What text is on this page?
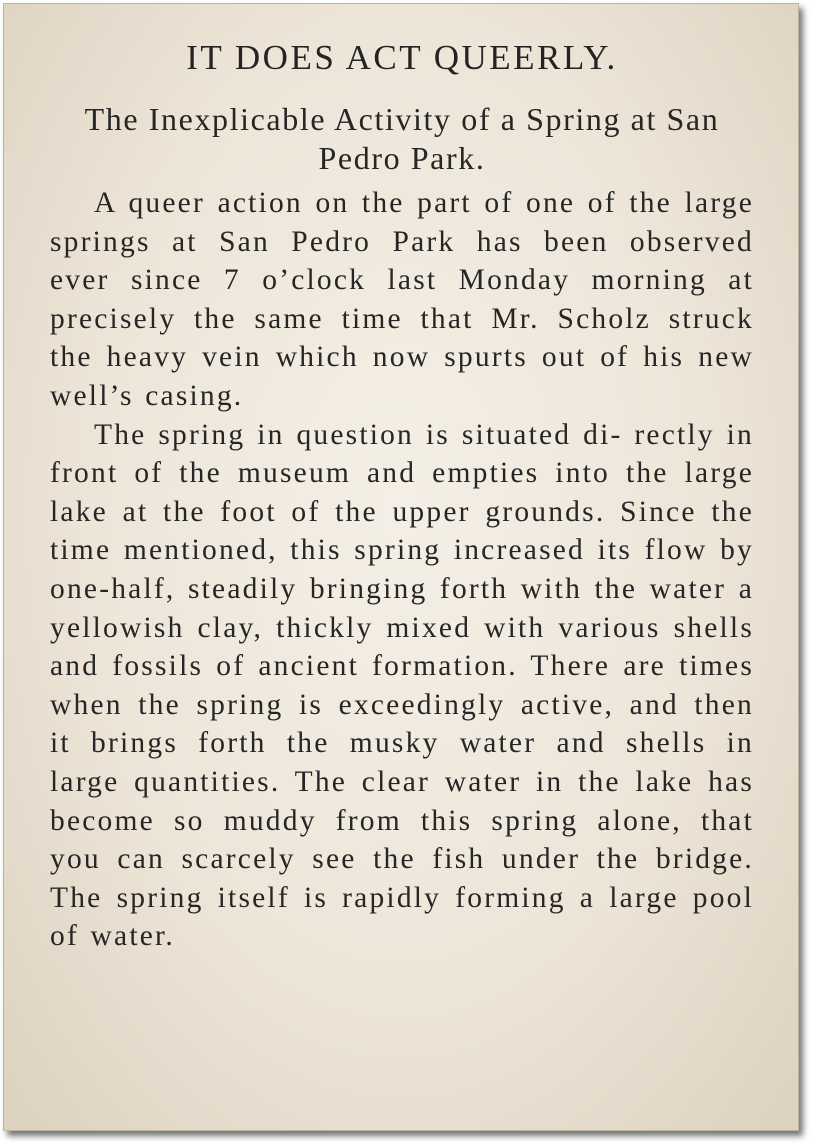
IT DOES ACT QUEERLY.

The Inexplicable Activity of a Spring at San Pedro Park.

A queer action on the part of one of the large springs at San Pedro Park has been observed ever since 7 o’clock last Monday morning at precisely the same time that Mr. Scholz struck the heavy vein which now spurts out of his new well’s casing.

The spring in question is situated di- rectly in front of the museum and empties into the large lake at the foot of the upper grounds. Since the time mentioned, this spring increased its flow by one-half, steadily bringing forth with the water a yellowish clay, thickly mixed with various shells and fossils of ancient formation. There are times when the spring is exceedingly active, and then it brings forth the musky water and shells in large quantities. The clear water in the lake has become so muddy from this spring alone, that you can scarcely see the fish under the bridge. The spring itself is rapidly forming a large pool of water.
